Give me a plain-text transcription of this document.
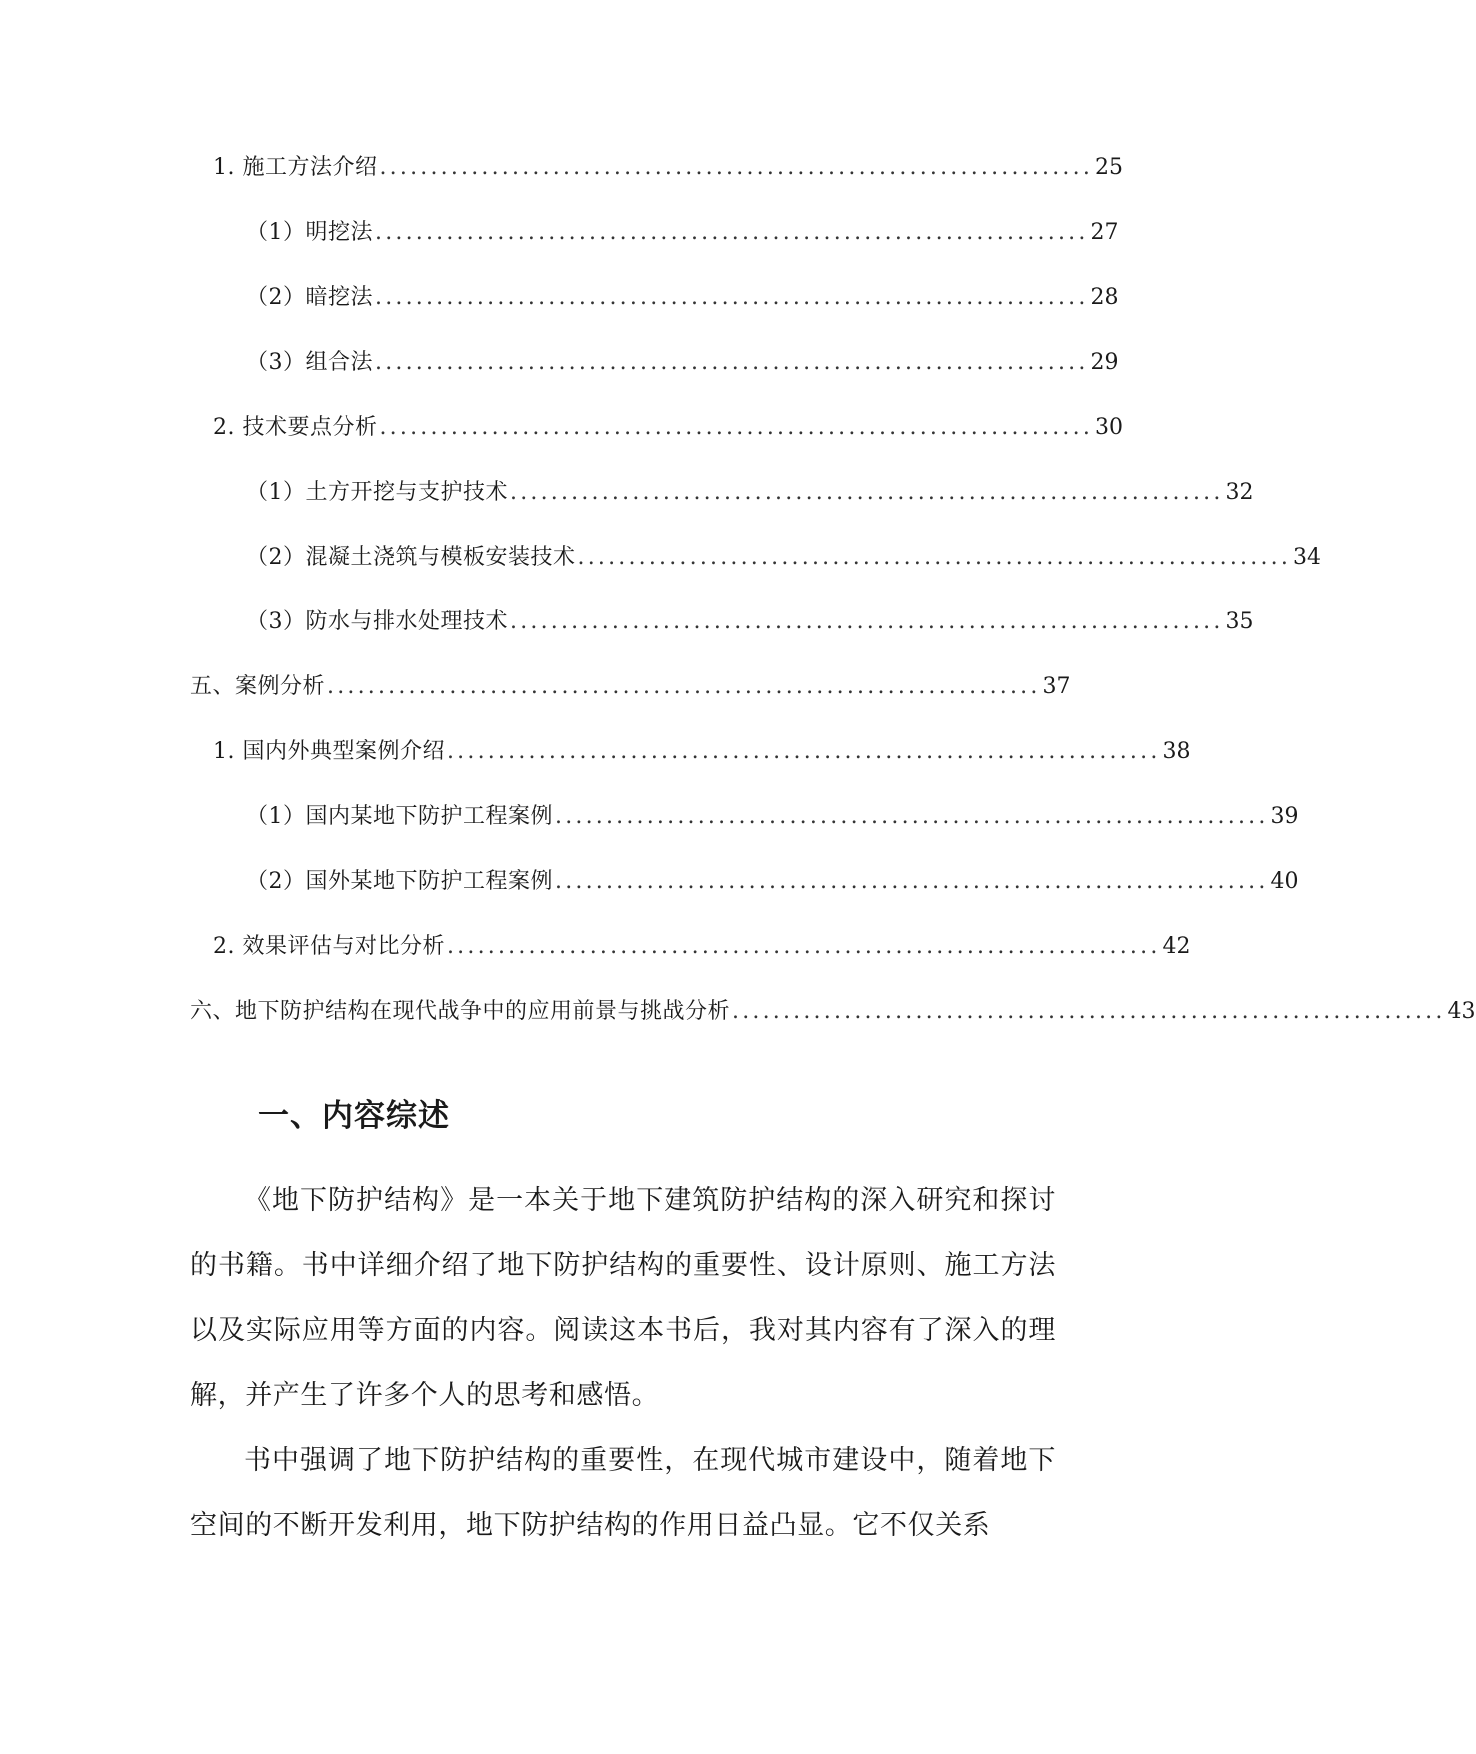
1. 施工方法介绍 ...................................................................... 25
（1）明挖法 ...................................................................... 27
（2）暗挖法 ...................................................................... 28
（3）组合法 ...................................................................... 29
2. 技术要点分析 ...................................................................... 30
（1）土方开挖与支护技术 ...................................................................... 32
（2）混凝土浇筑与模板安装技术 ...................................................................... 34
（3）防水与排水处理技术 ...................................................................... 35
五、案例分析 ...................................................................... 37
1. 国内外典型案例介绍 ...................................................................... 38
（1）国内某地下防护工程案例 ...................................................................... 39
（2）国外某地下防护工程案例 ...................................................................... 40
2. 效果评估与对比分析 ...................................................................... 42
六、地下防护结构在现代战争中的应用前景与挑战分析 ...................................................................... 43
一、内容综述

《地下防护结构》是一本关于地下建筑防护结构的深入研究和探讨的书籍。书中详细介绍了地下防护结构的重要性、设计原则、施工方法以及实际应用等方面的内容。阅读这本书后，我对其内容有了深入的理解，并产生了许多个人的思考和感悟。

书中强调了地下防护结构的重要性，在现代城市建设中，随着地下空间的不断开发利用，地下防护结构的作用日益凸显。它不仅关系
